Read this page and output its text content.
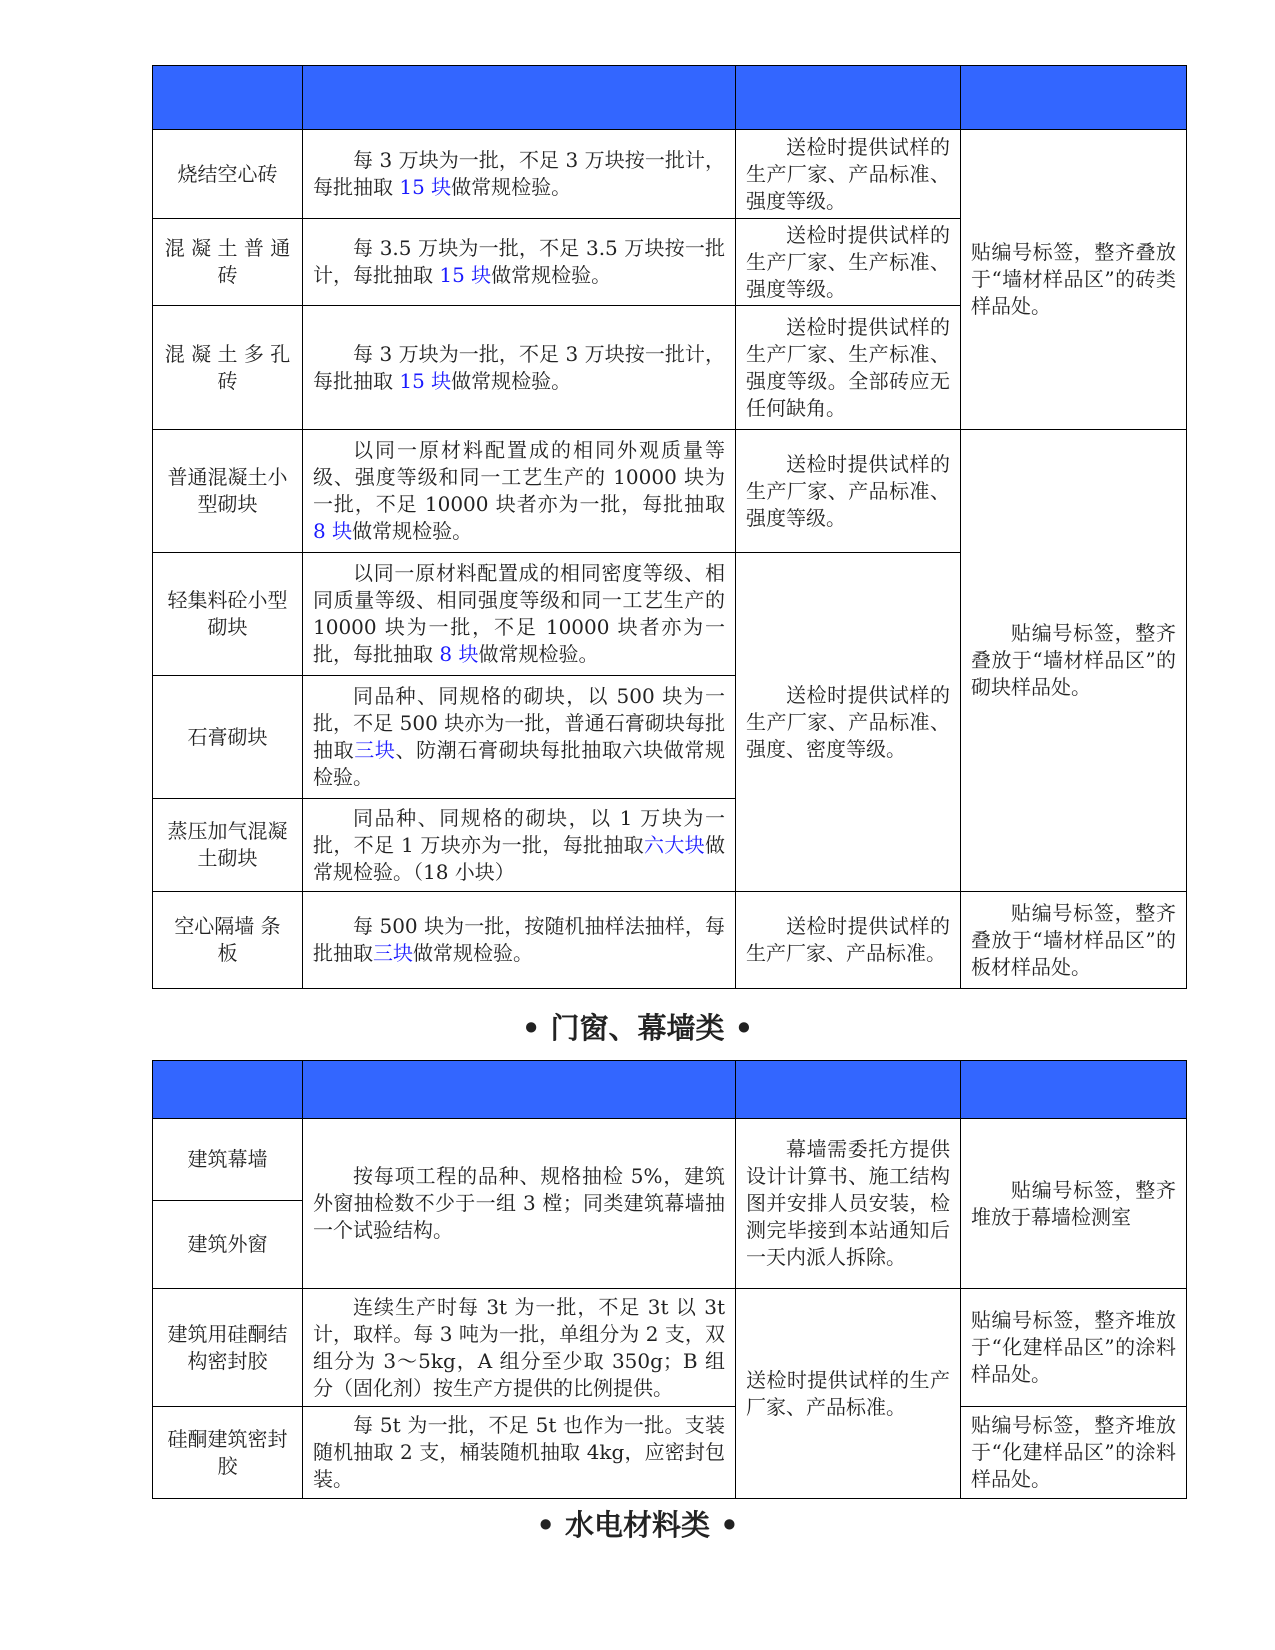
烧结空心砖	每 3 万块为一批，不足 3 万块按一批计，每批抽取 15 块做常规检验。	送检时提供试样的生产厂家、产品标准、强度等级。	贴编号标签，整齐叠放于“墙材样品区”的砖类样品处。
混 凝 土 普 通 砖	每 3.5 万块为一批，不足 3.5 万块按一批计，每批抽取 15 块做常规检验。	送检时提供试样的生产厂家、生产标准、强度等级。	
混 凝 土 多 孔 砖	每 3 万块为一批，不足 3 万块按一批计，每批抽取 15 块做常规检验。	送检时提供试样的生产厂家、生产标准、强度等级。全部砖应无任何缺角。	
普通混凝土小型砌块	以同一原材料配置成的相同外观质量等级、强度等级和同一工艺生产的 10000 块为一批，不足 10000 块者亦为一批，每批抽取 8 块做常规检验。	送检时提供试样的生产厂家、产品标准、强度等级。	贴编号标签，整齐叠放于“墙材样品区”的砌块样品处。
轻集料砼小型砌块	以同一原材料配置成的相同密度等级、相同质量等级、相同强度等级和同一工艺生产的 10000 块为一批，不足 10000 块者亦为一批，每批抽取 8 块做常规检验。	送检时提供试样的生产厂家、产品标准、强度、密度等级。	
石膏砌块	同品种、同规格的砌块，以 500 块为一批，不足 500 块亦为一批，普通石膏砌块每批抽取三块、防潮石膏砌块每批抽取六块做常规检验。		
蒸压加气混凝土砌块	同品种、同规格的砌块，以 1 万块为一批，不足 1 万块亦为一批，每批抽取六大块做常规检验。（18 小块）		
空心隔墙 条　　板	每 500 块为一批，按随机抽样法抽样，每批抽取三块做常规检验。	送检时提供试样的生产厂家、产品标准。	贴编号标签，整齐叠放于“墙材样品区”的板材样品处。
• 门窗、幕墙类 •

建筑幕墙	按每项工程的品种、规格抽检 5%，建筑外窗抽检数不少于一组 3 樘；同类建筑幕墙抽一个试验结构。	幕墙需委托方提供设计计算书、施工结构图并安排人员安装，检测完毕接到本站通知后一天内派人拆除。	贴编号标签，整齐堆放于幕墙检测室
建筑外窗			
建筑用硅酮结构密封胶	连续生产时每 3t 为一批，不足 3t 以 3t 计，取样。每 3 吨为一批，单组分为 2 支，双组分为 3～5kg，A 组分至少取 350g；B 组分（固化剂）按生产方提供的比例提供。	送检时提供试样的生产厂家、产品标准。	贴编号标签，整齐堆放于“化建样品区”的涂料样品处。
硅酮建筑密封胶	每 5t 为一批，不足 5t 也作为一批。支装随机抽取 2 支，桶装随机抽取 4kg，应密封包装。		贴编号标签，整齐堆放于“化建样品区”的涂料样品处。
• 水电材料类 •
